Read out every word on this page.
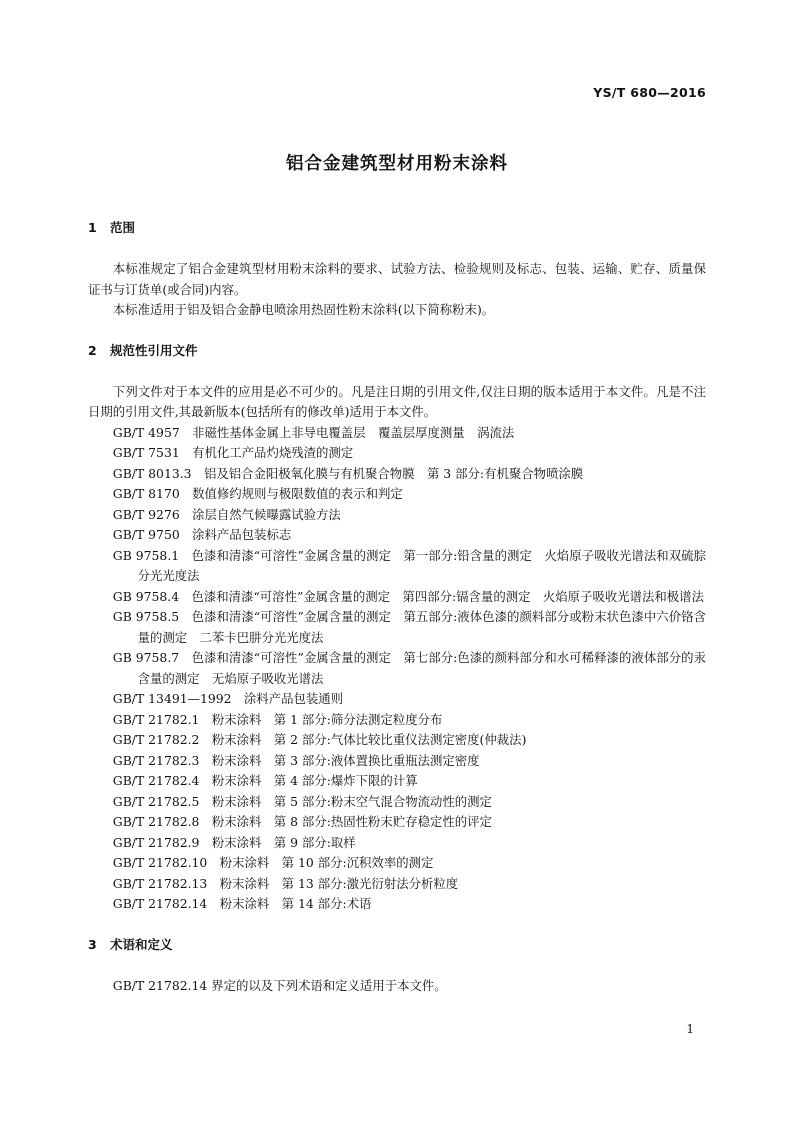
YS/T 680—2016
铝合金建筑型材用粉末涂料
1 范围
本标准规定了铝合金建筑型材用粉末涂料的要求、试验方法、检验规则及标志、包装、运输、贮存、质量保证书与订货单(或合同)内容。
本标准适用于铝及铝合金静电喷涂用热固性粉末涂料(以下简称粉末)。
2 规范性引用文件
下列文件对于本文件的应用是必不可少的。凡是注日期的引用文件,仅注日期的版本适用于本文件。凡是不注日期的引用文件,其最新版本(包括所有的修改单)适用于本文件。
GB/T 4957 非磁性基体金属上非导电覆盖层　覆盖层厚度测量　涡流法
GB/T 7531 有机化工产品灼烧残渣的测定
GB/T 8013.3 铝及铝合金阳极氧化膜与有机聚合物膜　第 3 部分:有机聚合物喷涂膜
GB/T 8170 数值修约规则与极限数值的表示和判定
GB/T 9276 涂层自然气候曝露试验方法
GB/T 9750 涂料产品包装标志
GB 9758.1 色漆和清漆“可溶性”金属含量的测定　第一部分:铅含量的测定　火焰原子吸收光谱法和双硫腙分光光度法
GB 9758.4 色漆和清漆“可溶性”金属含量的测定　第四部分:镉含量的测定　火焰原子吸收光谱法和极谱法
GB 9758.5 色漆和清漆“可溶性”金属含量的测定　第五部分:液体色漆的颜料部分或粉末状色漆中六价铬含量的测定　二苯卡巴肼分光光度法
GB 9758.7 色漆和清漆“可溶性”金属含量的测定　第七部分:色漆的颜料部分和水可稀释漆的液体部分的汞含量的测定　无焰原子吸收光谱法
GB/T 13491—1992 涂料产品包装通则
GB/T 21782.1 粉末涂料　第 1 部分:筛分法测定粒度分布
GB/T 21782.2 粉末涂料　第 2 部分:气体比较比重仪法测定密度(仲裁法)
GB/T 21782.3 粉末涂料　第 3 部分:液体置换比重瓶法测定密度
GB/T 21782.4 粉末涂料　第 4 部分:爆炸下限的计算
GB/T 21782.5 粉末涂料　第 5 部分:粉末空气混合物流动性的测定
GB/T 21782.8 粉末涂料　第 8 部分:热固性粉末贮存稳定性的评定
GB/T 21782.9 粉末涂料　第 9 部分:取样
GB/T 21782.10 粉末涂料　第 10 部分:沉积效率的测定
GB/T 21782.13 粉末涂料　第 13 部分:激光衍射法分析粒度
GB/T 21782.14 粉末涂料　第 14 部分:术语
3 术语和定义
GB/T 21782.14 界定的以及下列术语和定义适用于本文件。
1
